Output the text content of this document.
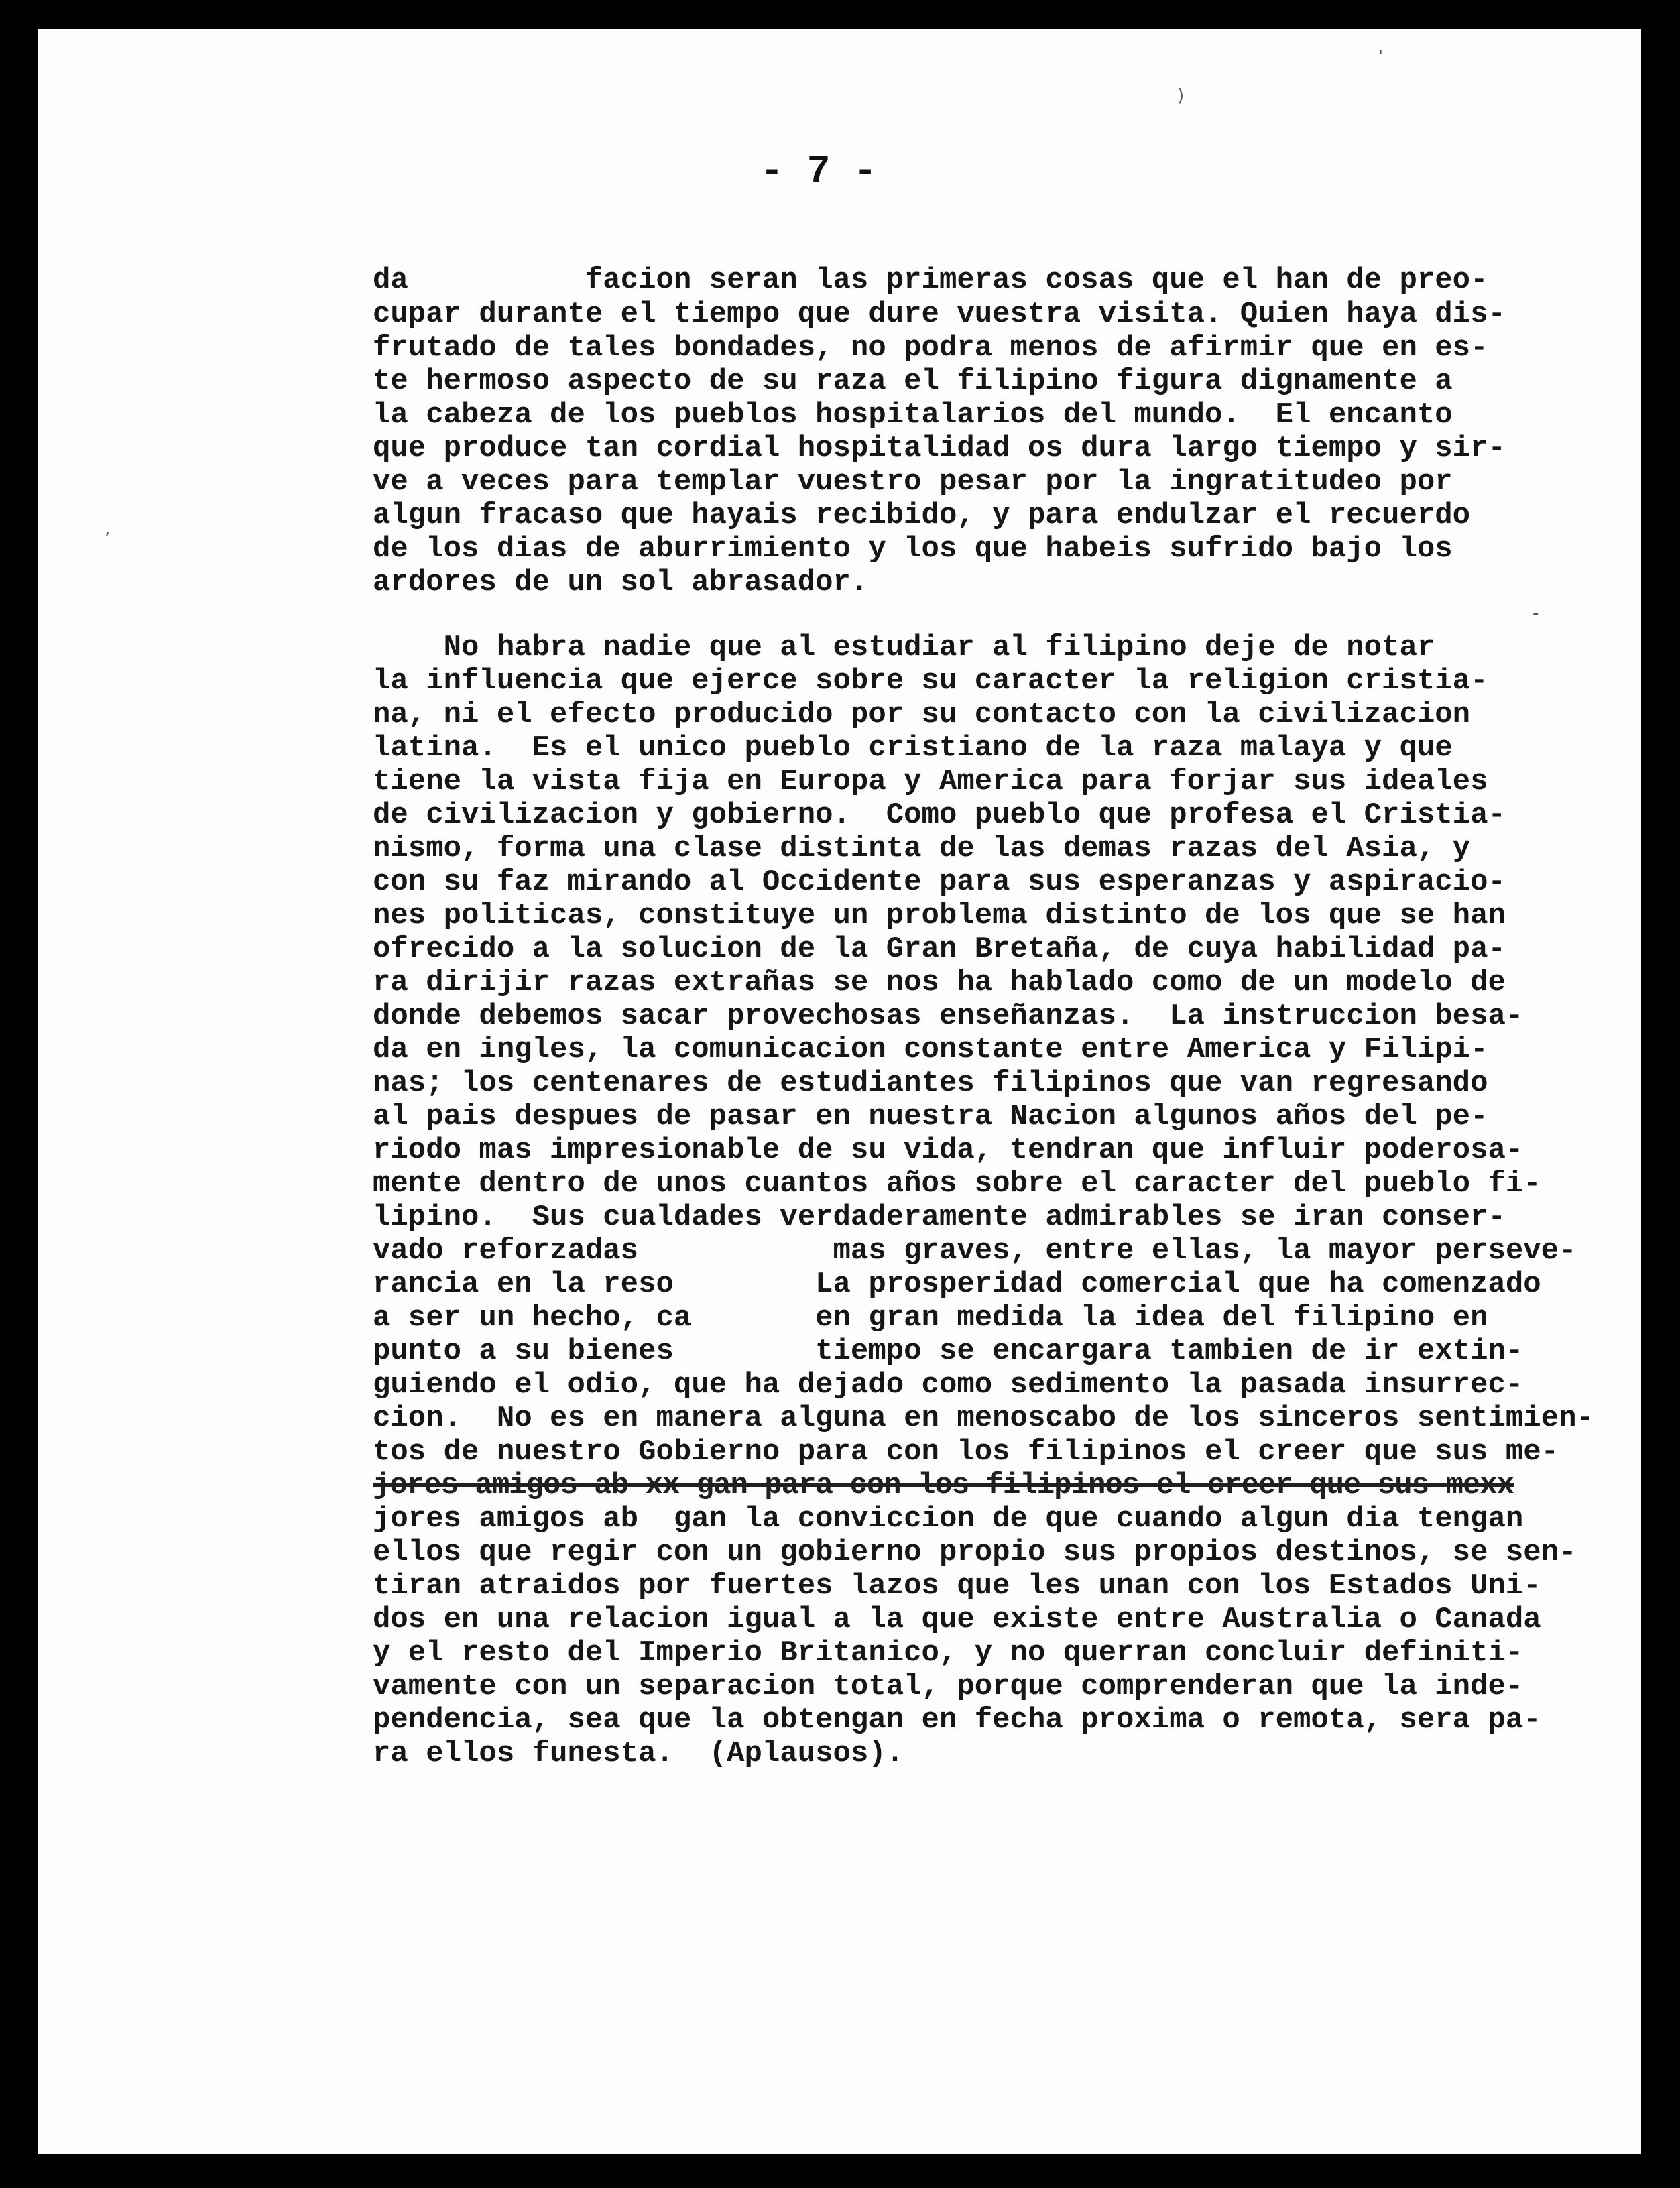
)
'
,
-
- 7 -
da          facion seran las primeras cosas que el han de preo-
cupar durante el tiempo que dure vuestra visita. Quien haya dis-
frutado de tales bondades, no podra menos de afirmir que en es-
te hermoso aspecto de su raza el filipino figura dignamente a
la cabeza de los pueblos hospitalarios del mundo.  El encanto
que produce tan cordial hospitalidad os dura largo tiempo y sir-
ve a veces para templar vuestro pesar por la ingratitudeo por
algun fracaso que hayais recibido, y para endulzar el recuerdo
de los dias de aburrimiento y los que habeis sufrido bajo los
ardores de un sol abrasador.
No habra nadie que al estudiar al filipino deje de notar
la influencia que ejerce sobre su caracter la religion cristia-
na, ni el efecto producido por su contacto con la civilizacion
latina.  Es el unico pueblo cristiano de la raza malaya y que
tiene la vista fija en Europa y America para forjar sus ideales
de civilizacion y gobierno.  Como pueblo que profesa el Cristia-
nismo, forma una clase distinta de las demas razas del Asia, y
con su faz mirando al Occidente para sus esperanzas y aspiracio-
nes politicas, constituye un problema distinto de los que se han
ofrecido a la solucion de la Gran Bretaña, de cuya habilidad pa-
ra dirijir razas extrañas se nos ha hablado como de un modelo de
donde debemos sacar provechosas enseñanzas.  La instruccion besa-
da en ingles, la comunicacion constante entre America y Filipi-
nas; los centenares de estudiantes filipinos que van regresando
al pais despues de pasar en nuestra Nacion algunos años del pe-
riodo mas impresionable de su vida, tendran que influir poderosa-
mente dentro de unos cuantos años sobre el caracter del pueblo fi-
lipino.  Sus cualdades verdaderamente admirables se iran conser-
vado reforzadas           mas graves, entre ellas, la mayor perseve-
rancia en la reso        La prosperidad comercial que ha comenzado
a ser un hecho, ca       en gran medida la idea del filipino en
punto a su bienes        tiempo se encargara tambien de ir extin-
guiendo el odio, que ha dejado como sedimento la pasada insurrec-
cion.  No es en manera alguna en menoscabo de los sinceros sentimien-
tos de nuestro Gobierno para con los filipinos el creer que sus me-
jores amigos ab xx gan para con los filipinos el creer que sus mexx
jores amigos ab  gan la conviccion de que cuando algun dia tengan
ellos que regir con un gobierno propio sus propios destinos, se sen-
tiran atraidos por fuertes lazos que les unan con los Estados Uni-
dos en una relacion igual a la que existe entre Australia o Canada
y el resto del Imperio Britanico, y no querran concluir definiti-
vamente con un separacion total, porque comprenderan que la inde-
pendencia, sea que la obtengan en fecha proxima o remota, sera pa-
ra ellos funesta.  (Aplausos).
